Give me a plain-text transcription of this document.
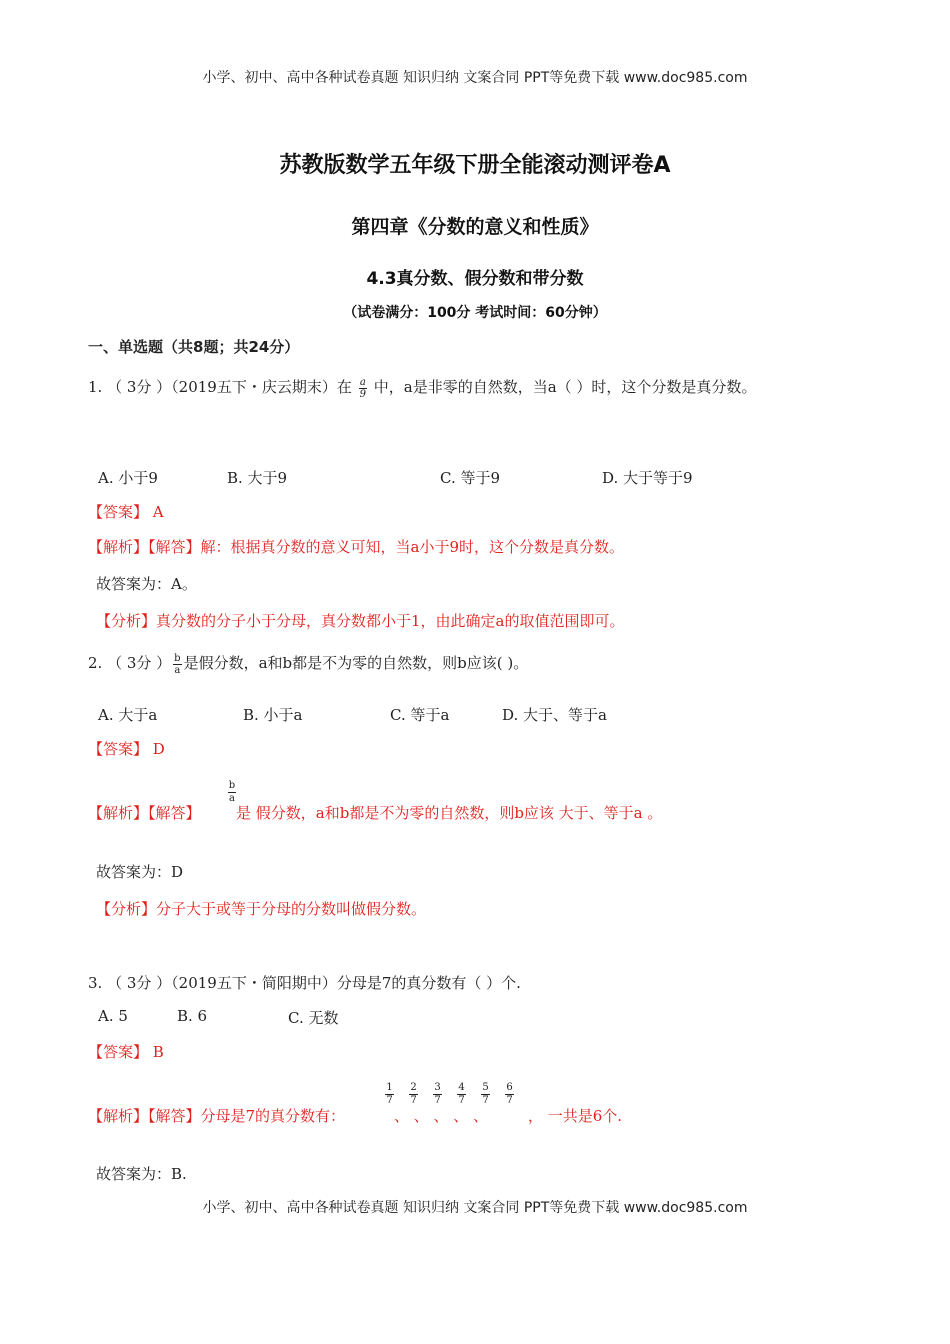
小学、初中、高中各种试卷真题 知识归纳 文案合同 PPT等免费下载 www.doc985.com
苏教版数学五年级下册全能滚动测评卷A
第四章《分数的意义和性质》
4.3真分数、假分数和带分数
（试卷满分：100分 考试时间：60分钟）
一、单选题（共8题；共24分）
1. （ 3分 ）（2019五下・庆云期末）在 $\frac{a}{9}$ 中，a是非零的自然数，当a（ ）时，这个分数是真分数。
A. 小于9	B. 大于9	C. 等于9	D. 大于等于9
【答案】 A
【解析】【解答】解：根据真分数的意义可知，当a小于9时，这个分数是真分数。
故答案为：A。
【分析】真分数的分子小于分母，真分数都小于1，由此确定a的取值范围即可。
2. （ 3分 ） $\frac{b}{a}$ 是假分数，a和b都是不为零的自然数，则b应该( )。
A. 大于a	B. 小于a	C. 等于a	D. 大于、等于a
【答案】 D
$\frac{b}{a}$
【解析】【解答】 是 假分数，a和b都是不为零的自然数，则b应该 大于、等于a 。
故答案为：D
【分析】分子大于或等于分母的分数叫做假分数。
3. （ 3分 ）（2019五下・简阳期中）分母是7的真分数有（ ）个.
A. 5	B. 6	C. 无数
【答案】 B
【解析】【解答】分母是7的真分数有：
$\frac{1}{7} \frac{2}{7} \frac{3}{7} \frac{4}{7} \frac{5}{7} \frac{6}{7}$
、 、 、 、 、	， 一共是6个.
故答案为：B.
小学、初中、高中各种试卷真题 知识归纳 文案合同 PPT等免费下载 www.doc985.com
